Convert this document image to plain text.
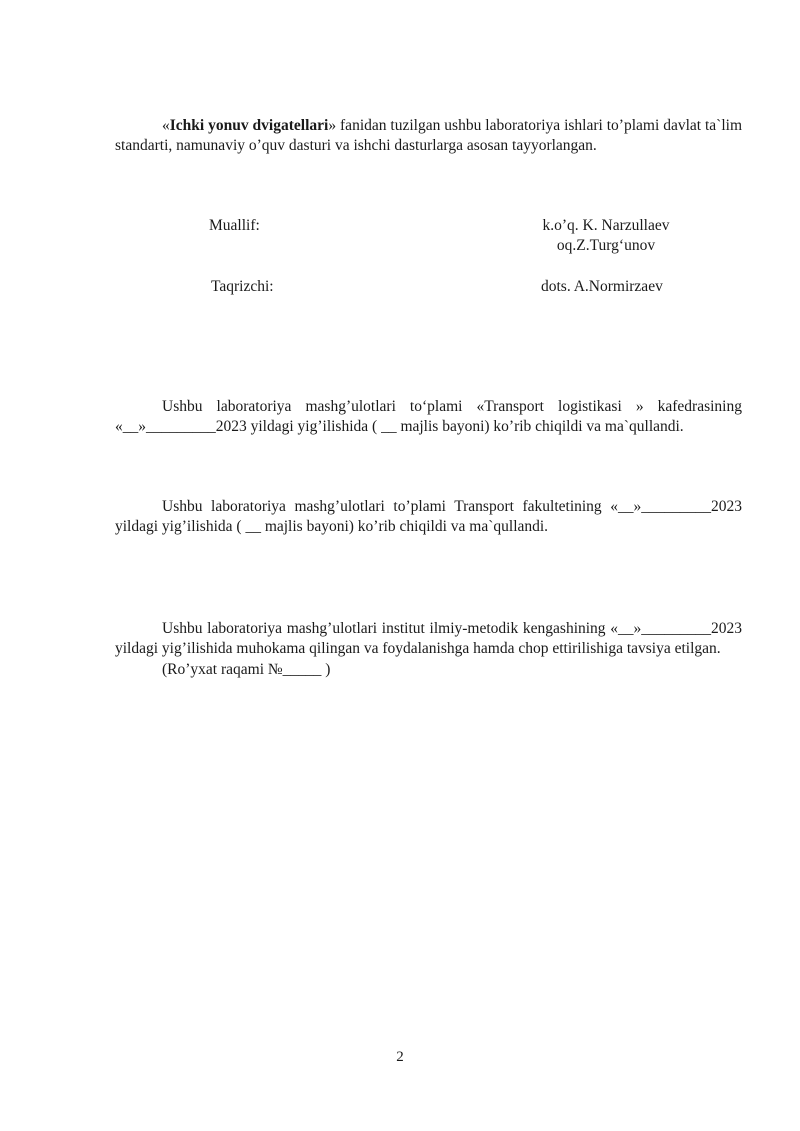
«Ichki yonuv dvigatellari» fanidan tuzilgan ushbu laboratoriya ishlari to’plami davlat ta`lim standarti, namunaviy o’quv dasturi va ishchi dasturlarga asosan tayyorlangan.

Muallif:	k.o’q. K. Narzullaev
oq.Z.Turg‘unov

Taqrizchi:	dots. A.Normirzaev

Ushbu laboratoriya mashg’ulotlari to‘plami «Transport logistikasi » kafedrasining «__»_________2023 yildagi yig’ilishida ( __ majlis bayoni) ko’rib chiqildi va ma`qullandi.

Ushbu laboratoriya mashg’ulotlari to’plami Transport fakultetining «__»_________2023 yildagi yig’ilishida ( __ majlis bayoni) ko’rib chiqildi va ma`qullandi.

Ushbu laboratoriya mashg’ulotlari institut ilmiy-metodik kengashining «__»_________2023 yildagi yig’ilishida muhokama qilingan va foydalanishga hamda chop ettirilishiga tavsiya etilgan.

(Ro’yxat raqami №_____ )

2
